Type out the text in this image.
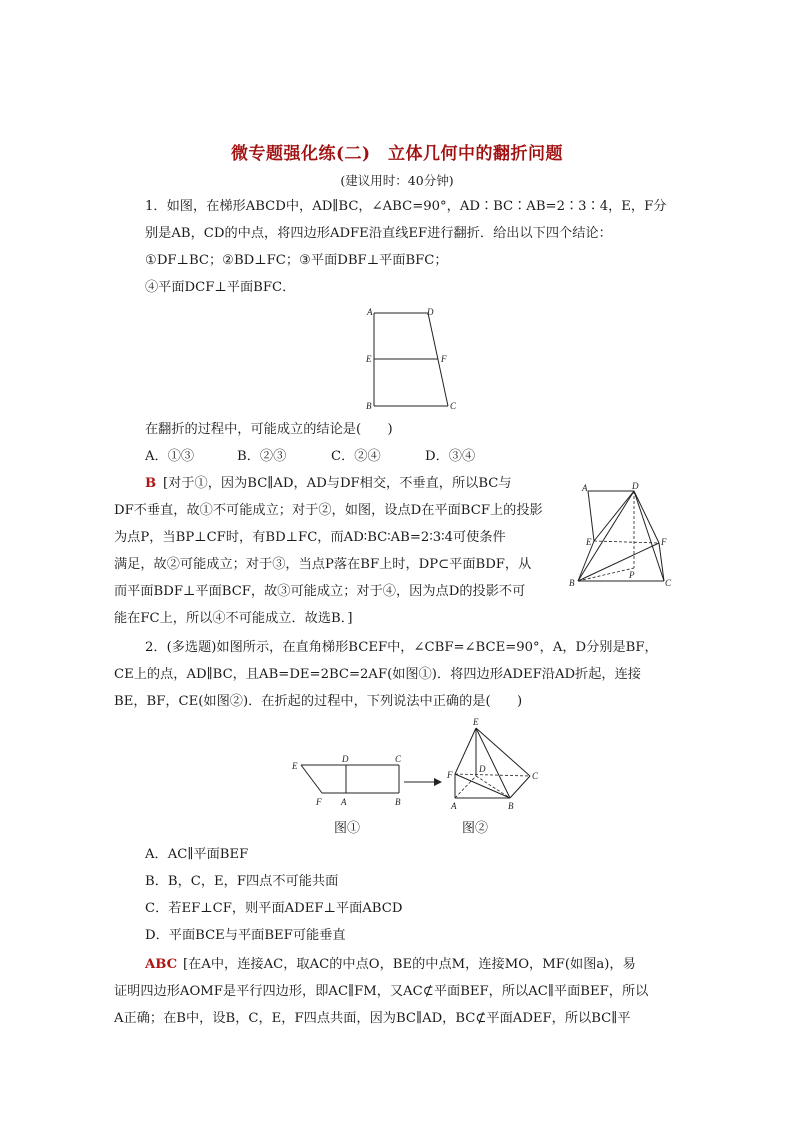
微专题强化练(二)　立体几何中的翻折问题
(建议用时：40分钟)
1．如图，在梯形ABCD中，AD∥BC，∠ABC=90°，AD∶BC∶AB=2∶3∶4，E，F分
别是AB，CD的中点，将四边形ADFE沿直线EF进行翻折．给出以下四个结论：
①DF⊥BC；②BD⊥FC；③平面DBF⊥平面BFC；
④平面DCF⊥平面BFC．
A	D
E	F
B	C
在翻折的过程中，可能成立的结论是(　　)
A．①③	B．②③	C．②④	D．③④
B [对于①，因为BC∥AD，AD与DF相交，不垂直，所以BC与
DF不垂直，故①不可能成立；对于②，如图，设点D在平面BCF上的投影
为点P，当BP⊥CF时，有BD⊥FC，而AD∶BC∶AB=2∶3∶4可使条件
满足，故②可能成立；对于③，当点P落在BF上时，DP⊂平面BDF，从
而平面BDF⊥平面BCF，故③可能成立；对于④，因为点D的投影不可
能在FC上，所以④不可能成立．故选B．]
A	D
E	F
P
B	C
2．(多选题)如图所示，在直角梯形BCEF中，∠CBF=∠BCE=90°，A，D分别是BF，
CE上的点，AD∥BC，且AB=DE=2BC=2AF(如图①)．将四边形ADEF沿AD折起，连接
BE，BF，CE(如图②)．在折起的过程中，下列说法中正确的是(　　)
E
D	C
F A	B
E
F
D
C
A	B
图①	图②
A．AC∥平面BEF
B．B，C，E，F四点不可能共面
C．若EF⊥CF，则平面ADEF⊥平面ABCD
D．平面BCE与平面BEF可能垂直
ABC [在A中，连接AC，取AC的中点O，BE的中点M，连接MO，MF(如图a)，易
证明四边形AOMF是平行四边形，即AC∥FM，又AC⊄平面BEF，所以AC∥平面BEF，所以
A正确；在B中，设B，C，E，F四点共面，因为BC∥AD，BC⊄平面ADEF，所以BC∥平
